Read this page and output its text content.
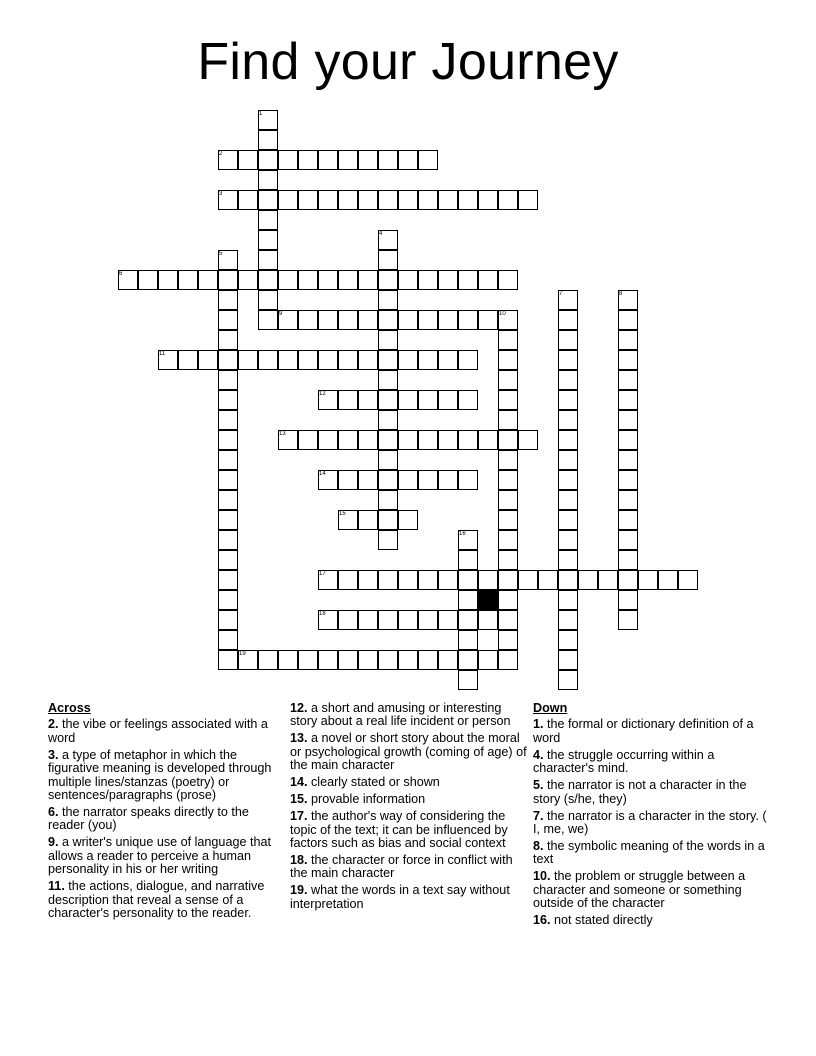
Find your Journey
1
2
3
4
5
6
7	8
9	10
11
12
13
14
15
16
17
18
19
Across
2. the vibe or feelings associated with a word
3. a type of metaphor in which the figurative meaning is developed through multiple lines/stanzas (poetry) or sentences/paragraphs (prose)
6. the narrator speaks directly to the reader (you)
9. a writer's unique use of language that allows a reader to perceive a human personality in his or her writing
11. the actions, dialogue, and narrative description that reveal a sense of a character's personality to the reader.
12. a short and amusing or interesting story about a real life incident or person
13. a novel or short story about the moral or psychological growth (coming of age) of the main character
14. clearly stated or shown
15. provable information
17. the author's way of considering the topic of the text; it can be influenced by factors such as bias and social context
18. the character or force in conflict with the main character
19. what the words in a text say without interpretation
Down
1. the formal or dictionary definition of a word
4. the struggle occurring within a character's mind.
5. the narrator is not a character in the story (s/he, they)
7. the narrator is a character in the story. ( I, me, we)
8. the symbolic meaning of the words in a text
10. the problem or struggle between a character and someone or something outside of the character
16. not stated directly
